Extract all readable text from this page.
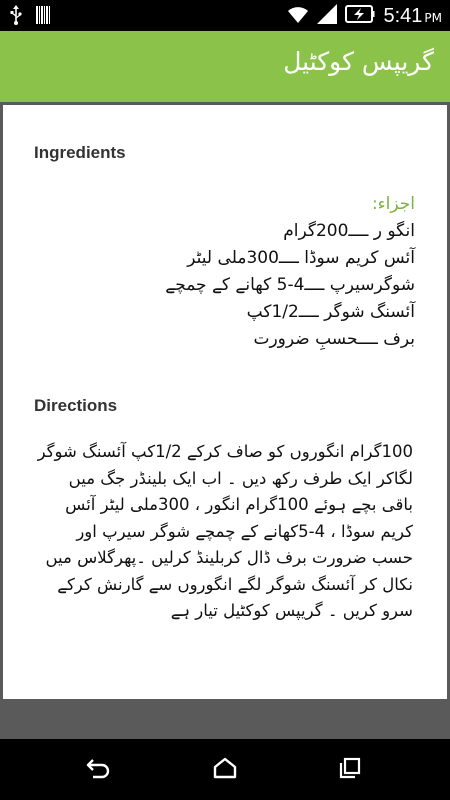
5:41 PM
گریپس کوکٹیل
Ingredients
اجزاء:
انگو ر ــــ200گرام
آئس کریم سوڈا ــــ300ملی لیٹر
شوگرسیرپ ــــ4-5 کھانے کے چمچے
آئسنگ شوگر ــــ1/2کپ
برف ــــحسبِ ضرورت
Directions
100گرام انگوروں کو صاف کرکے 1/2کپ آئسنگ شوگر لگاکر ایک طرف رکھ دیں ۔ اب ایک بلینڈر جگ میں باقی بچے ہوئے 100گرام انگور ، 300ملی لیٹر آئس کریم سوڈا ، 4-5کھانے کے چمچے شوگر سیرپ اور حسب ضرورت برف ڈال کربلینڈ کرلیں ۔پھرگلاس میں نکال کر آئسنگ شوگر لگے انگوروں سے گارنش کرکے سرو کریں ۔ گریپس کوکٹیل تیار ہے
